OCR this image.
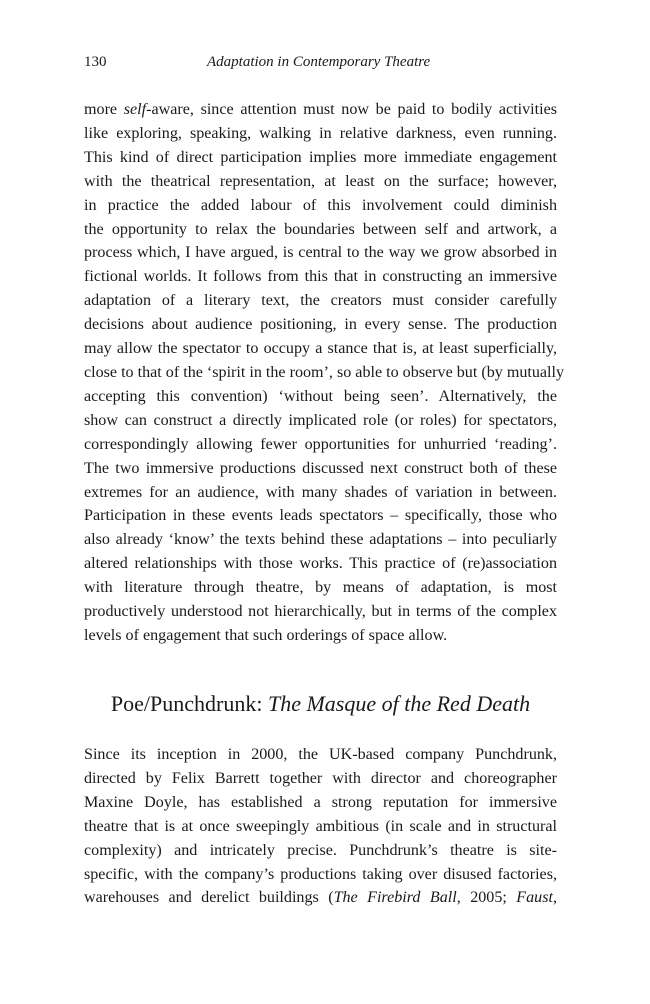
130	Adaptation in Contemporary Theatre
more self-aware, since attention must now be paid to bodily activities
like exploring, speaking, walking in relative darkness, even running.
This kind of direct participation implies more immediate engagement
with the theatrical representation, at least on the surface; however,
in practice the added labour of this involvement could diminish
the opportunity to relax the boundaries between self and artwork, a
process which, I have argued, is central to the way we grow absorbed in
fictional worlds. It follows from this that in constructing an immersive
adaptation of a literary text, the creators must consider carefully
decisions about audience positioning, in every sense. The production
may allow the spectator to occupy a stance that is, at least superficially,
close to that of the ‘spirit in the room’, so able to observe but (by mutually
accepting this convention) ‘without being seen’. Alternatively, the
show can construct a directly implicated role (or roles) for spectators,
correspondingly allowing fewer opportunities for unhurried ‘reading’.
The two immersive productions discussed next construct both of these
extremes for an audience, with many shades of variation in between.
Participation in these events leads spectators – specifically, those who
also already ‘know’ the texts behind these adaptations – into peculiarly
altered relationships with those works. This practice of (re)association
with literature through theatre, by means of adaptation, is most
productively understood not hierarchically, but in terms of the complex
levels of engagement that such orderings of space allow.
Poe/Punchdrunk: The Masque of the Red Death
Since its inception in 2000, the UK-based company Punchdrunk,
directed by Felix Barrett together with director and choreographer
Maxine Doyle, has established a strong reputation for immersive
theatre that is at once sweepingly ambitious (in scale and in structural
complexity) and intricately precise. Punchdrunk’s theatre is site-
specific, with the company’s productions taking over disused factories,
warehouses and derelict buildings (The Firebird Ball, 2005; Faust,
